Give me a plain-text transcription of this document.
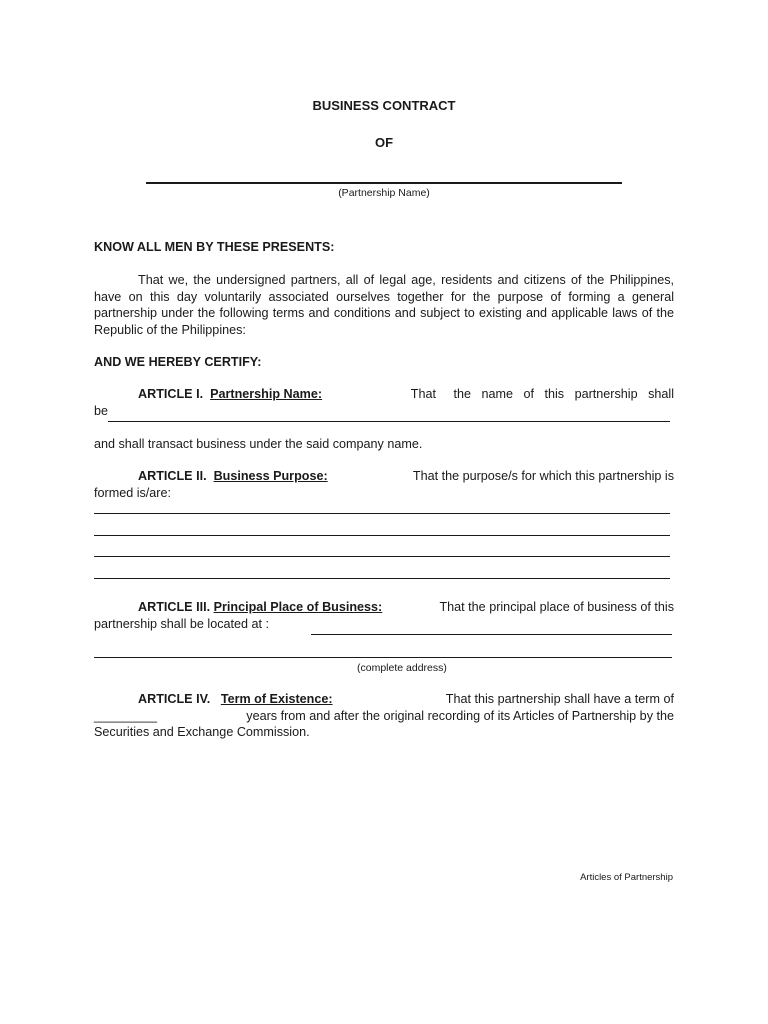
BUSINESS CONTRACT
OF
(Partnership Name)
KNOW ALL MEN BY THESE PRESENTS:
That we, the undersigned partners, all of legal age, residents and citizens of the Philippines, have on this day voluntarily associated ourselves together for the purpose of forming a general partnership under the following terms and conditions and subject to existing and applicable laws of the Republic of the Philippines:
AND WE HEREBY CERTIFY:
ARTICLE I. Partnership Name:	That     the   name   of   this   partnership   shall
be
and shall transact business under the said company name.
ARTICLE II. Business Purpose:	That the purpose/s for which this partnership is
formed is/are:
ARTICLE III. Principal Place of Business:	That the principal place of business of this
partnership shall be located at :
(complete address)
ARTICLE IV. Term of Existence:	That this partnership shall have a term of
_________	years from and after the original recording of its Articles of Partnership by the
Securities and Exchange Commission.
Articles of Partnership
